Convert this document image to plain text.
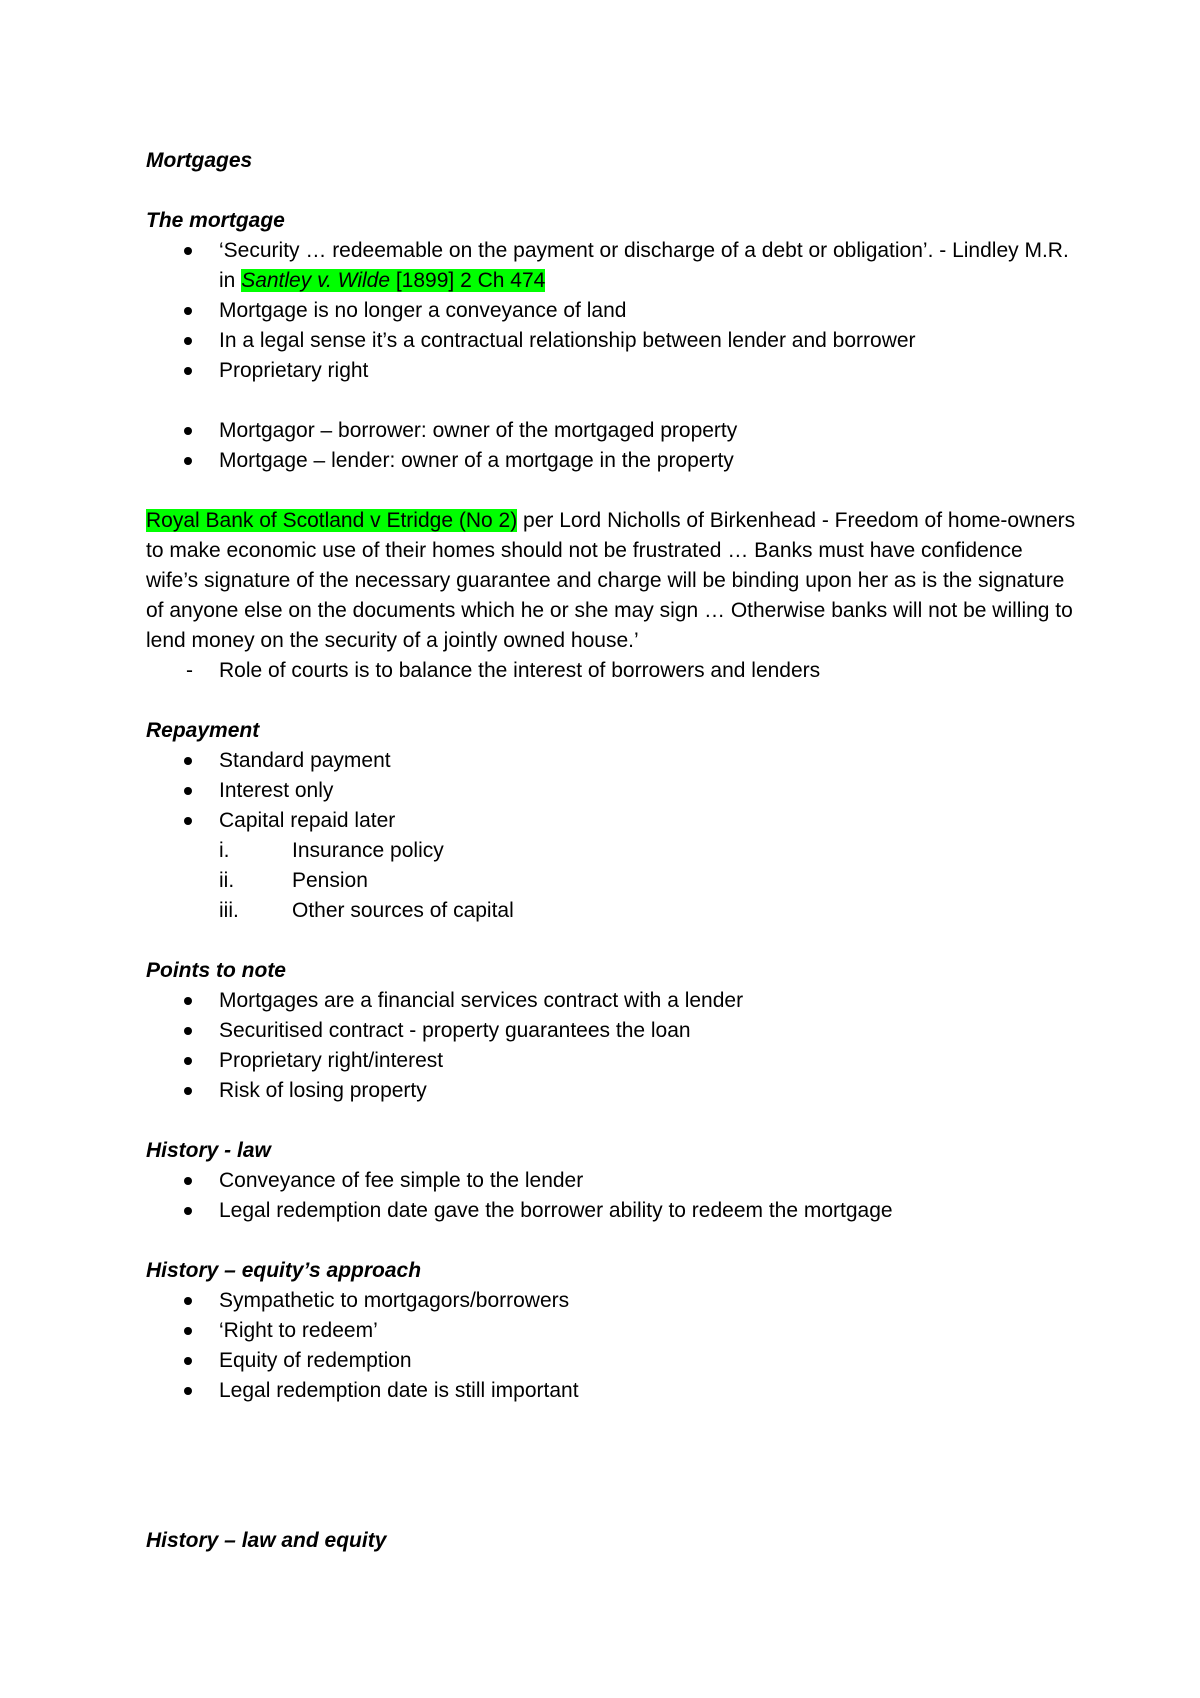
Mortgages
The mortgage
‘Security … redeemable on the payment or discharge of a debt or obligation’. - Lindley M.R. in Santley v. Wilde [1899] 2 Ch 474
Mortgage is no longer a conveyance of land
In a legal sense it’s a contractual relationship between lender and borrower
Proprietary right
Mortgagor – borrower: owner of the mortgaged property
Mortgage – lender: owner of a mortgage in the property

Royal Bank of Scotland v Etridge (No 2) per Lord Nicholls of Birkenhead - Freedom of home-owners to make economic use of their homes should not be frustrated … Banks must have confidence wife’s signature of the necessary guarantee and charge will be binding upon her as is the signature of anyone else on the documents which he or she may sign … Otherwise banks will not be willing to lend money on the security of a jointly owned house.’

- Role of courts is to balance the interest of borrowers and lenders
Repayment
Standard payment
Interest only
Capital repaid later
i.	Insurance policy
ii.	Pension
iii.	Other sources of capital
Points to note
Mortgages are a financial services contract with a lender
Securitised contract - property guarantees the loan
Proprietary right/interest
Risk of losing property
History - law
Conveyance of fee simple to the lender
Legal redemption date gave the borrower ability to redeem the mortgage
History – equity’s approach
Sympathetic to mortgagors/borrowers
‘Right to redeem’
Equity of redemption
Legal redemption date is still important
History – law and equity
